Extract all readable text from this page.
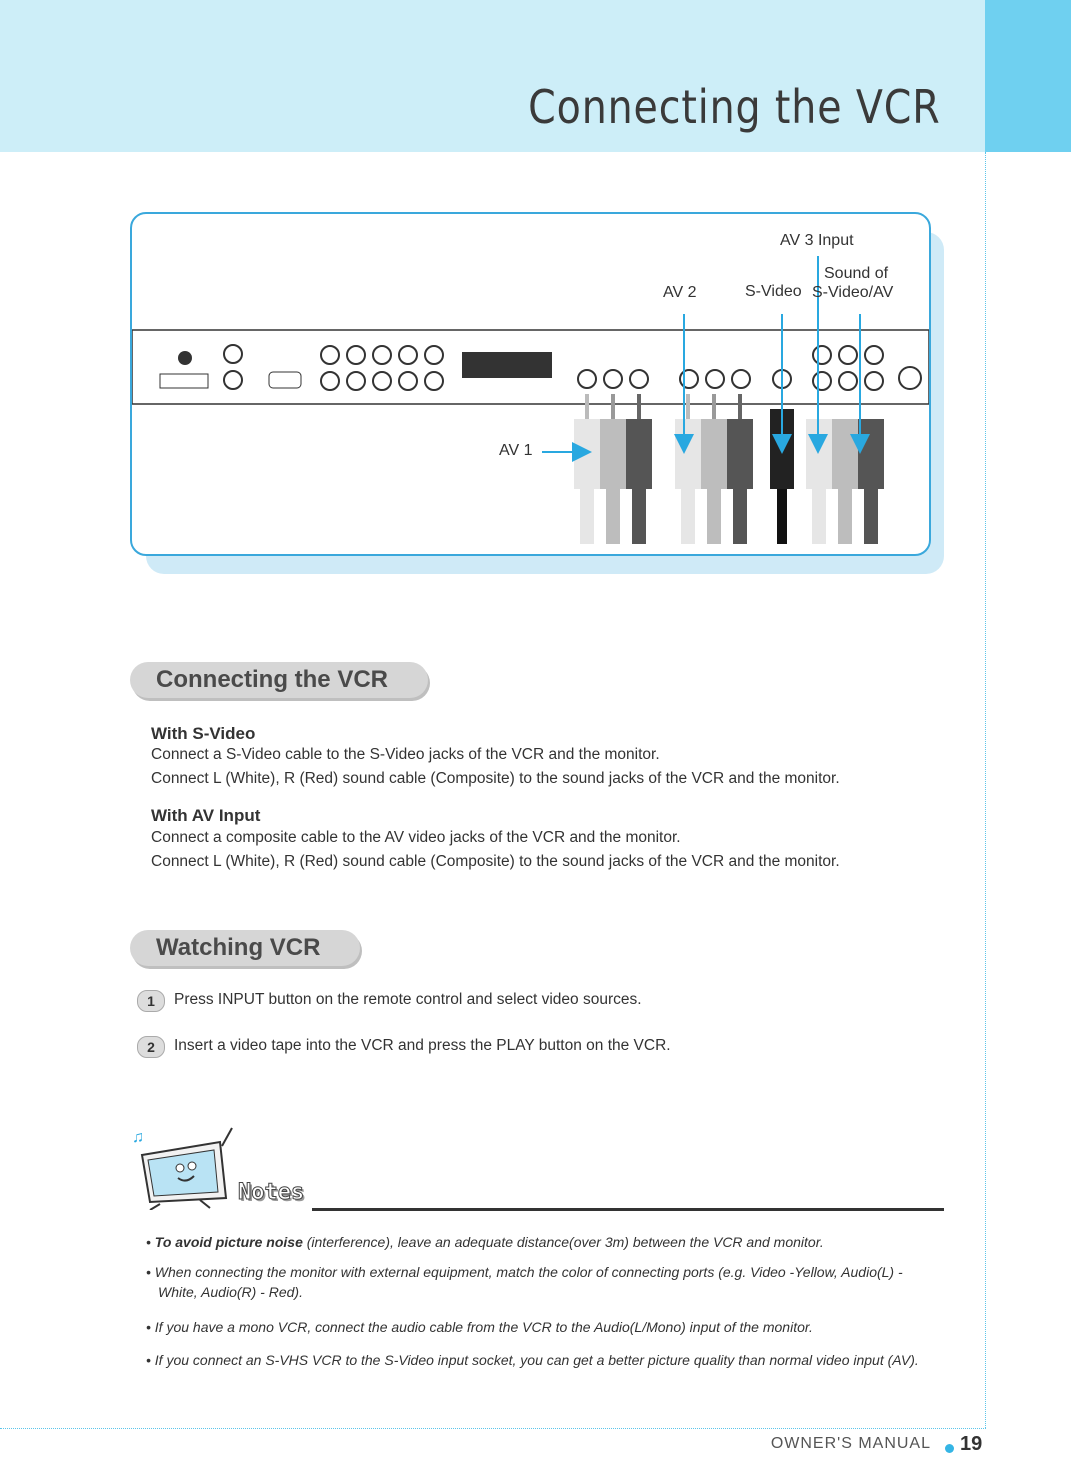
Connecting the VCR
AV 3 Input
Sound of
S-Video/AV
AV 2	S-Video
AV 1
Connecting the VCR
With S-Video
Connect a S-Video cable to the S-Video jacks of the VCR and the monitor.
Connect L (White), R (Red) sound cable (Composite) to the sound jacks of the VCR and the monitor.
With AV Input
Connect a composite cable to the AV video jacks of the VCR and the monitor.
Connect L (White), R (Red) sound cable (Composite) to the sound jacks of the VCR and the monitor.
Watching VCR
1	Press INPUT button on the remote control and select video sources.
2	Insert a video tape into the VCR and press the PLAY button on the VCR.
♫
Notes
• To avoid picture noise (interference), leave an adequate distance(over 3m) between the VCR and monitor.
• When connecting the monitor with external equipment, match the color of connecting ports (e.g. Video -Yellow, Audio(L) - White, Audio(R) - Red).
• If you have a mono VCR, connect the audio cable from the VCR to the Audio(L/Mono) input of the monitor.
• If you connect an S-VHS VCR to the S-Video input socket, you can get a better picture quality than normal video input (AV).
OWNER'S MANUAL 19
